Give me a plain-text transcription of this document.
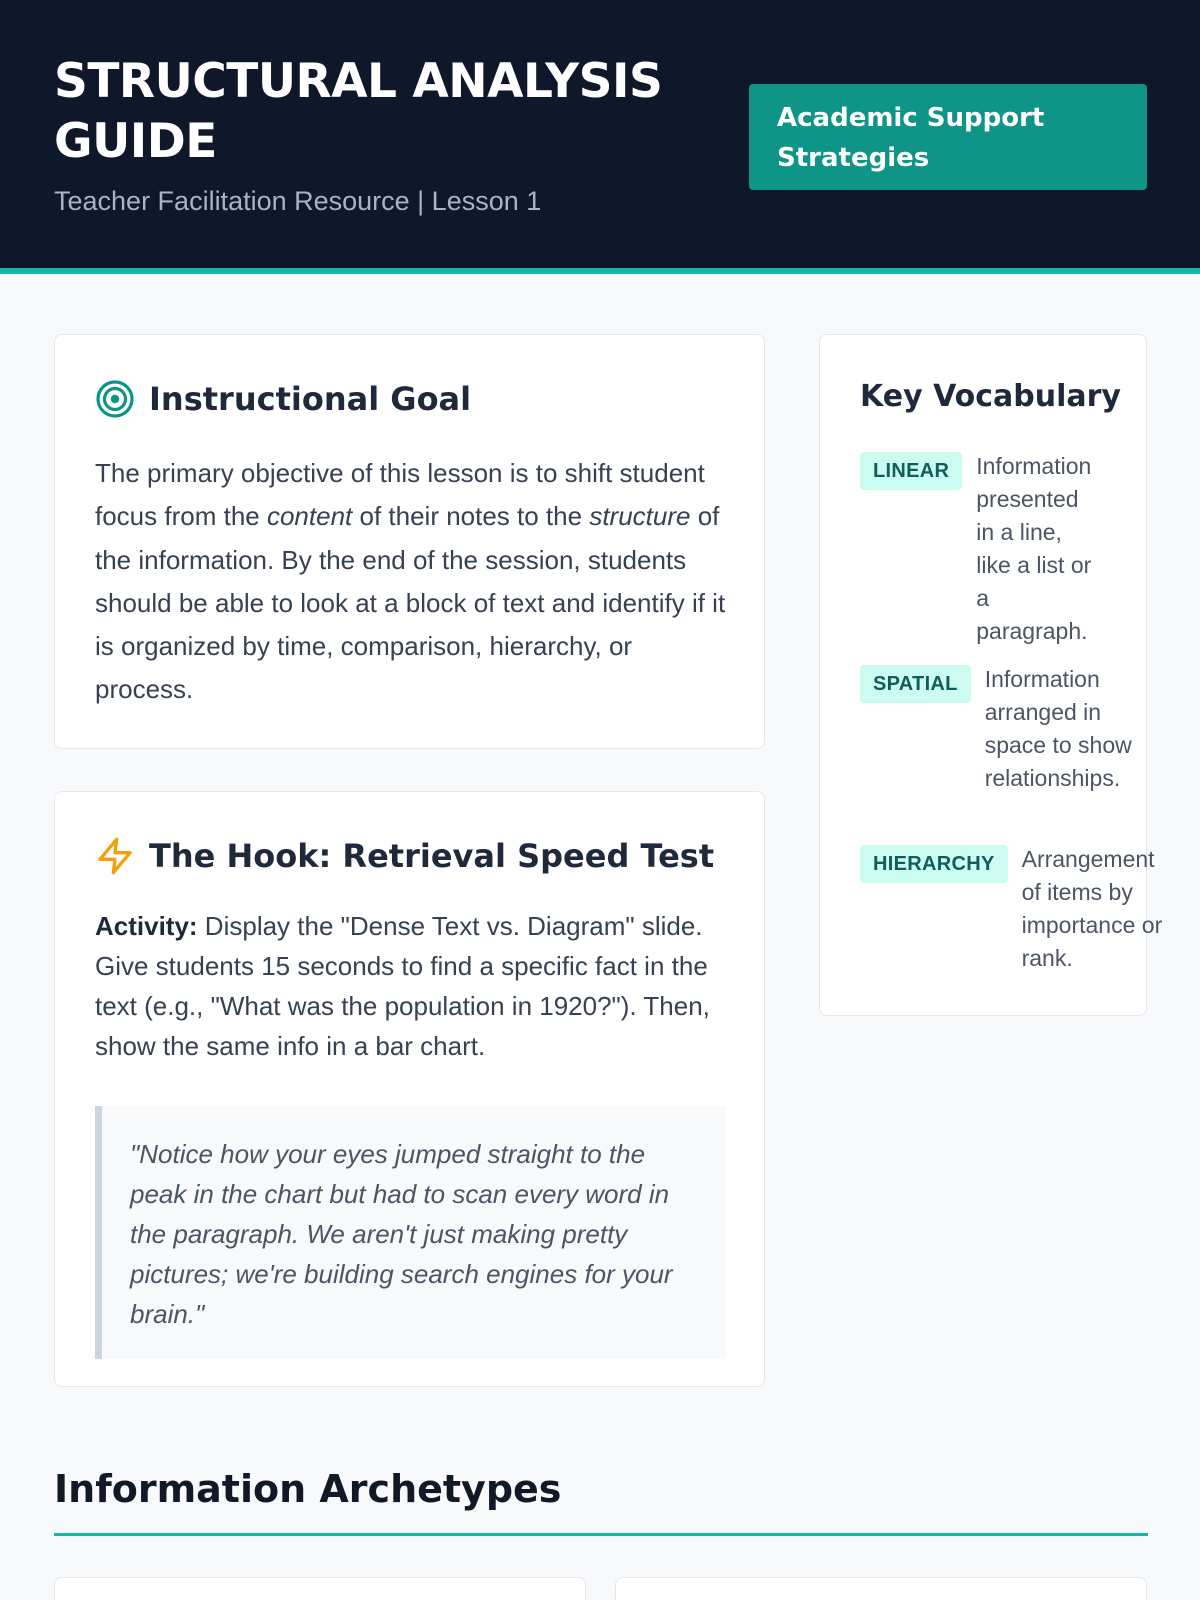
STRUCTURAL ANALYSIS GUIDE
Teacher Facilitation Resource | Lesson 1
Academic Support Strategies
Instructional Goal

The primary objective of this lesson is to shift student focus from the content of their notes to the structure of the information. By the end of the session, students should be able to look at a block of text and identify if it is organized by time, comparison, hierarchy, or process.

The Hook: Retrieval Speed Test

Activity: Display the "Dense Text vs. Diagram" slide. Give students 15 seconds to find a specific fact in the text (e.g., "What was the population in 1920?"). Then, show the same info in a bar chart.

"Notice how your eyes jumped straight to the peak in the chart but had to scan every word in the paragraph. We aren't just making pretty pictures; we're building search engines for your brain."
Key Vocabulary
LINEAR	Information presented in a line, like a list or a paragraph.
SPATIAL	Information arranged in space to show relationships.
HIERARCHY	Arrangement of items by importance or rank.
Information Archetypes
